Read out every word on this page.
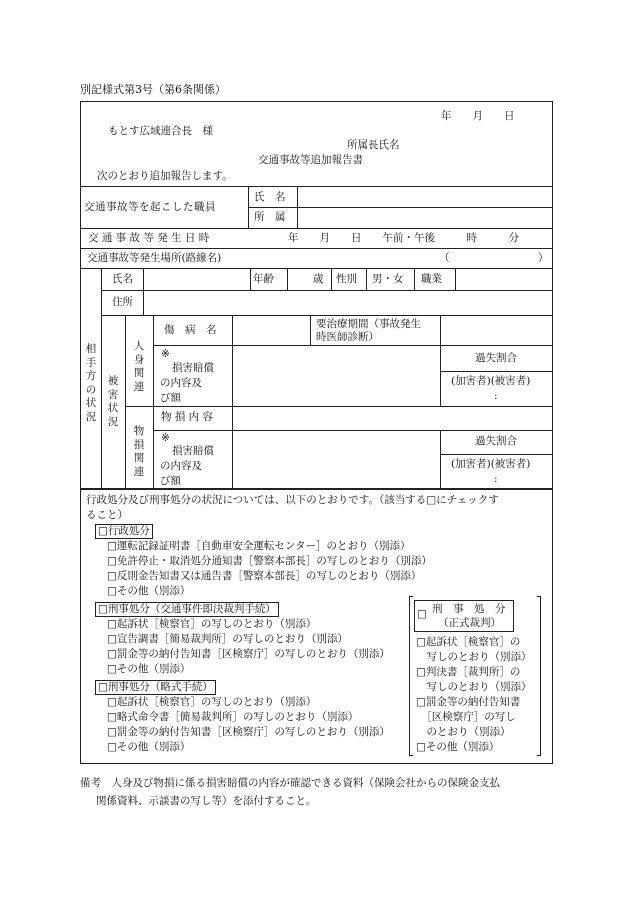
別記様式第3号（第6条関係）
年　　月　　日
もとす広域連合長　様
所属長氏名
交通事故等追加報告書
次のとおり追加報告します。
交通事故等を起こした職員
氏　名
所　属
交 通 事 故 等 発 生 日 時	年　　月　　日　　午前・午後　　　時　　　分
交通事故等発生場所(路線名)	（	）
相手方の状況
氏名	年齢	歳 性別 男・女 職業
住所
被害状況
人身関連
傷　病　名	要治療期間（事故発生
時医師診断）
※
損害賠償
の内容及
び額
過失割合
(加害者)(被害者)
:
物損関連
物 損 内 容
※
損害賠償
の内容及
び額
過失割合
(加害者)(被害者)
:
行政処分及び刑事処分の状況については、以下のとおりです。（該当する□にチェックす
ること）
□行政処分
□運転記録証明書［自動車安全運転センター］のとおり（別添）
□免許停止・取消処分通知書［警察本部長］の写しのとおり（別添）
□反則金告知書又は通告書［警察本部長］の写しのとおり（別添）
□その他（別添）
□刑事処分（交通事件即決裁判手続）
□起訴状［検察官］の写しのとおり（別添）
□宣告調書［簡易裁判所］の写しのとおり（別添）
□罰金等の納付告知書［区検察庁］の写しのとおり（別添）
□その他（別添）
□刑事処分（略式手続）
□起訴状［検察官］の写しのとおり（別添）
□略式命令書［簡易裁判所］の写しのとおり（別添）
□罰金等の納付告知書［区検察庁］の写しのとおり（別添）
□その他（別添）
□ 刑　事　処　分
（正式裁判）
□起訴状［検察官］の
　写しのとおり（別添）
□判決書［裁判所］の
　写しのとおり（別添）
□罰金等の納付告知書
　［区検察庁］の写し
　のとおり（別添）
□その他（別添）
備考　人身及び物損に係る損害賠償の内容が確認できる資料（保険会社からの保険金支払
関係資料、示談書の写し等）を添付すること。
